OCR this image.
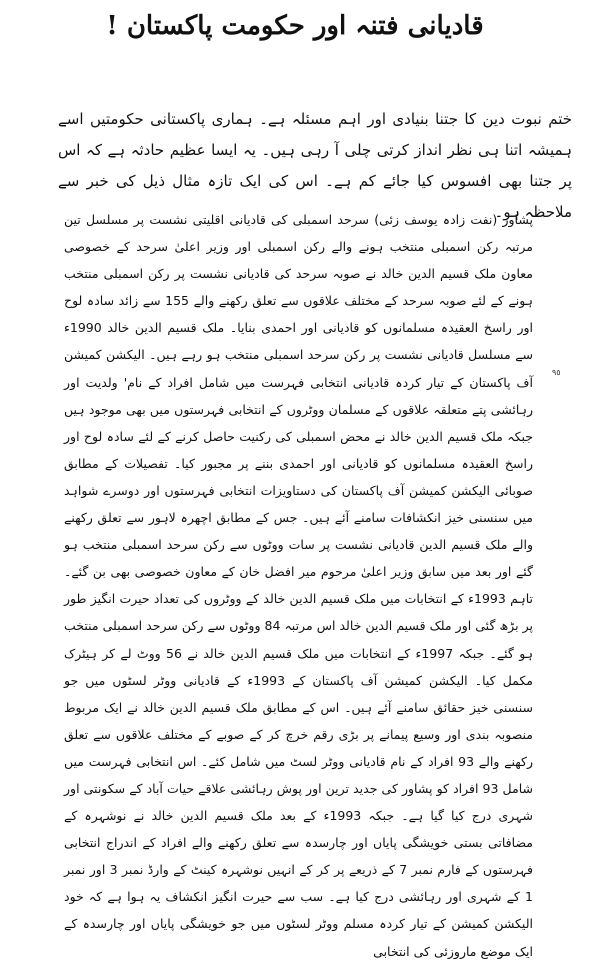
قادیانی فتنہ اور حکومت پاکستان !

ختم نبوت دین کا جتنا بنیادی اور اہم مسئلہ ہے۔ ہماری پاکستانی حکومتیں اسے ہمیشہ اتنا ہی نظر انداز کرتی چلی آ رہی ہیں۔ یہ ایسا عظیم حادثہ ہے کہ اس پر جتنا بھی افسوس کیا جائے کم ہے۔ اس کی ایک تازہ مثال ذیل کی خبر سے ملاحظہ ہو۔

پشاور (نفت زادہ یوسف زئی) سرحد اسمبلی کی قادیانی اقلیتی نشست پر مسلسل تین مرتبہ رکن اسمبلی منتخب ہونے والے رکن اسمبلی اور وزیر اعلیٰ سرحد کے خصوصی معاون ملک قسیم الدین خالد نے صوبہ سرحد کی قادیانی نشست پر رکن اسمبلی منتخب ہونے کے لئے صوبہ سرحد کے مختلف علاقوں سے تعلق رکھنے والے 155 سے زائد سادہ لوح اور راسخ العقیدہ مسلمانوں کو قادیانی اور احمدی بنایا۔ ملک قسیم الدین خالد 1990ء سے مسلسل قادیانی نشست پر رکن سرحد اسمبلی منتخب ہو رہے ہیں۔ الیکشن کمیشن آف پاکستان کے تیار کردہ قادیانی انتخابی فہرست میں شامل افراد کے نام' ولدیت اور رہائشی پتے متعلقہ علاقوں کے مسلمان ووٹروں کے انتخابی فہرستوں میں بھی موجود ہیں جبکہ ملک قسیم الدین خالد نے محض اسمبلی کی رکنیت حاصل کرنے کے لئے سادہ لوح اور راسخ العقیدہ مسلمانوں کو قادیانی اور احمدی بننے پر مجبور کیا۔ تفصیلات کے مطابق صوبائی الیکشن کمیشن آف پاکستان کی دستاویزات انتخابی فہرستوں اور دوسرے شواہد میں سنسنی خیز انکشافات سامنے آئے ہیں۔ جس کے مطابق اچھرہ لاہور سے تعلق رکھنے والے ملک قسیم الدین قادیانی نشست پر سات ووٹوں سے رکن سرحد اسمبلی منتخب ہو گئے اور بعد میں سابق وزیر اعلیٰ مرحوم میر افضل خان کے معاون خصوصی بھی بن گئے۔ تاہم 1993ء کے انتخابات میں ملک قسیم الدین خالد کے ووٹروں کی تعداد حیرت انگیز طور پر بڑھ گئی اور ملک قسیم الدین خالد اس مرتبہ 84 ووٹوں سے رکن سرحد اسمبلی منتخب ہو گئے۔ جبکہ 1997ء کے انتخابات میں ملک قسیم الدین خالد نے 56 ووٹ لے کر ہیٹرک مکمل کیا۔ الیکشن کمیشن آف پاکستان کے 1993ء کے قادیانی ووٹر لسٹوں میں جو سنسنی خیز حقائق سامنے آئے ہیں۔ اس کے مطابق ملک قسیم الدین خالد نے ایک مربوط منصوبہ بندی اور وسیع پیمانے پر بڑی رقم خرچ کر کے صوبے کے مختلف علاقوں سے تعلق رکھنے والے 93 افراد کے نام قادیانی ووٹر لسٹ میں شامل کئے۔ اس انتخابی فہرست میں شامل 93 افراد کو پشاور کی جدید ترین اور پوش رہائشی علاقے حیات آباد کے سکونتی اور شہری درج کیا گیا ہے۔ جبکہ 1993ء کے بعد ملک قسیم الدین خالد نے نوشہرہ کے مضافاتی بستی خویشگی پایاں اور چارسدہ سے تعلق رکھنے والے افراد کے اندراج انتخابی فہرستوں کے فارم نمبر 7 کے ذریعے پر کر کے انہیں نوشہرہ کینٹ کے وارڈ نمبر 3 اور نمبر 1 کے شہری اور رہائشی درج کیا ہے۔ سب سے حیرت انگیز انکشاف یہ ہوا ہے کہ خود الیکشن کمیشن کے تیار کردہ مسلم ووٹر لسٹوں میں جو خویشگی پایاں اور چارسدہ کے ایک موضع ماروزئی کی انتخابی

٩٥
